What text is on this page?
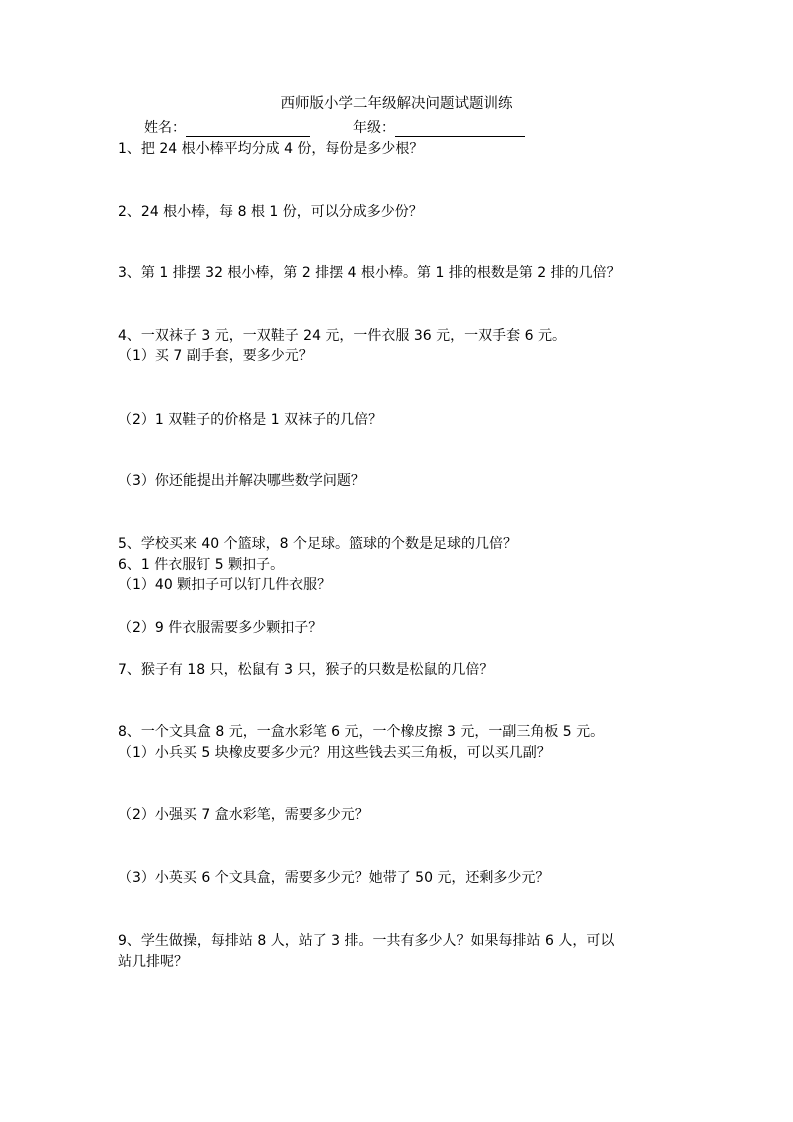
西师版小学二年级解决问题试题训练
姓名：	年级：
1、把 24 根小棒平均分成 4 份，每份是多少根？
2、24 根小棒，每 8 根 1 份，可以分成多少份？
3、第 1 排摆 32 根小棒，第 2 排摆 4 根小棒。第 1 排的根数是第 2 排的几倍？
4、一双袜子 3 元，一双鞋子 24 元，一件衣服 36 元，一双手套 6 元。
（1）买 7 副手套，要多少元？
（2）1 双鞋子的价格是 1 双袜子的几倍？
（3）你还能提出并解决哪些数学问题？
5、学校买来 40 个篮球，8 个足球。篮球的个数是足球的几倍？
6、1 件衣服钉 5 颗扣子。
（1）40 颗扣子可以钉几件衣服？
（2）9 件衣服需要多少颗扣子？
7、猴子有 18 只，松鼠有 3 只，猴子的只数是松鼠的几倍？
8、一个文具盒 8 元，一盒水彩笔 6 元，一个橡皮擦 3 元，一副三角板 5 元。
（1）小兵买 5 块橡皮要多少元？用这些钱去买三角板，可以买几副？
（2）小强买 7 盒水彩笔，需要多少元？
（3）小英买 6 个文具盒，需要多少元？她带了 50 元，还剩多少元？
9、学生做操，每排站 8 人，站了 3 排。一共有多少人？如果每排站 6 人，可以
站几排呢？
